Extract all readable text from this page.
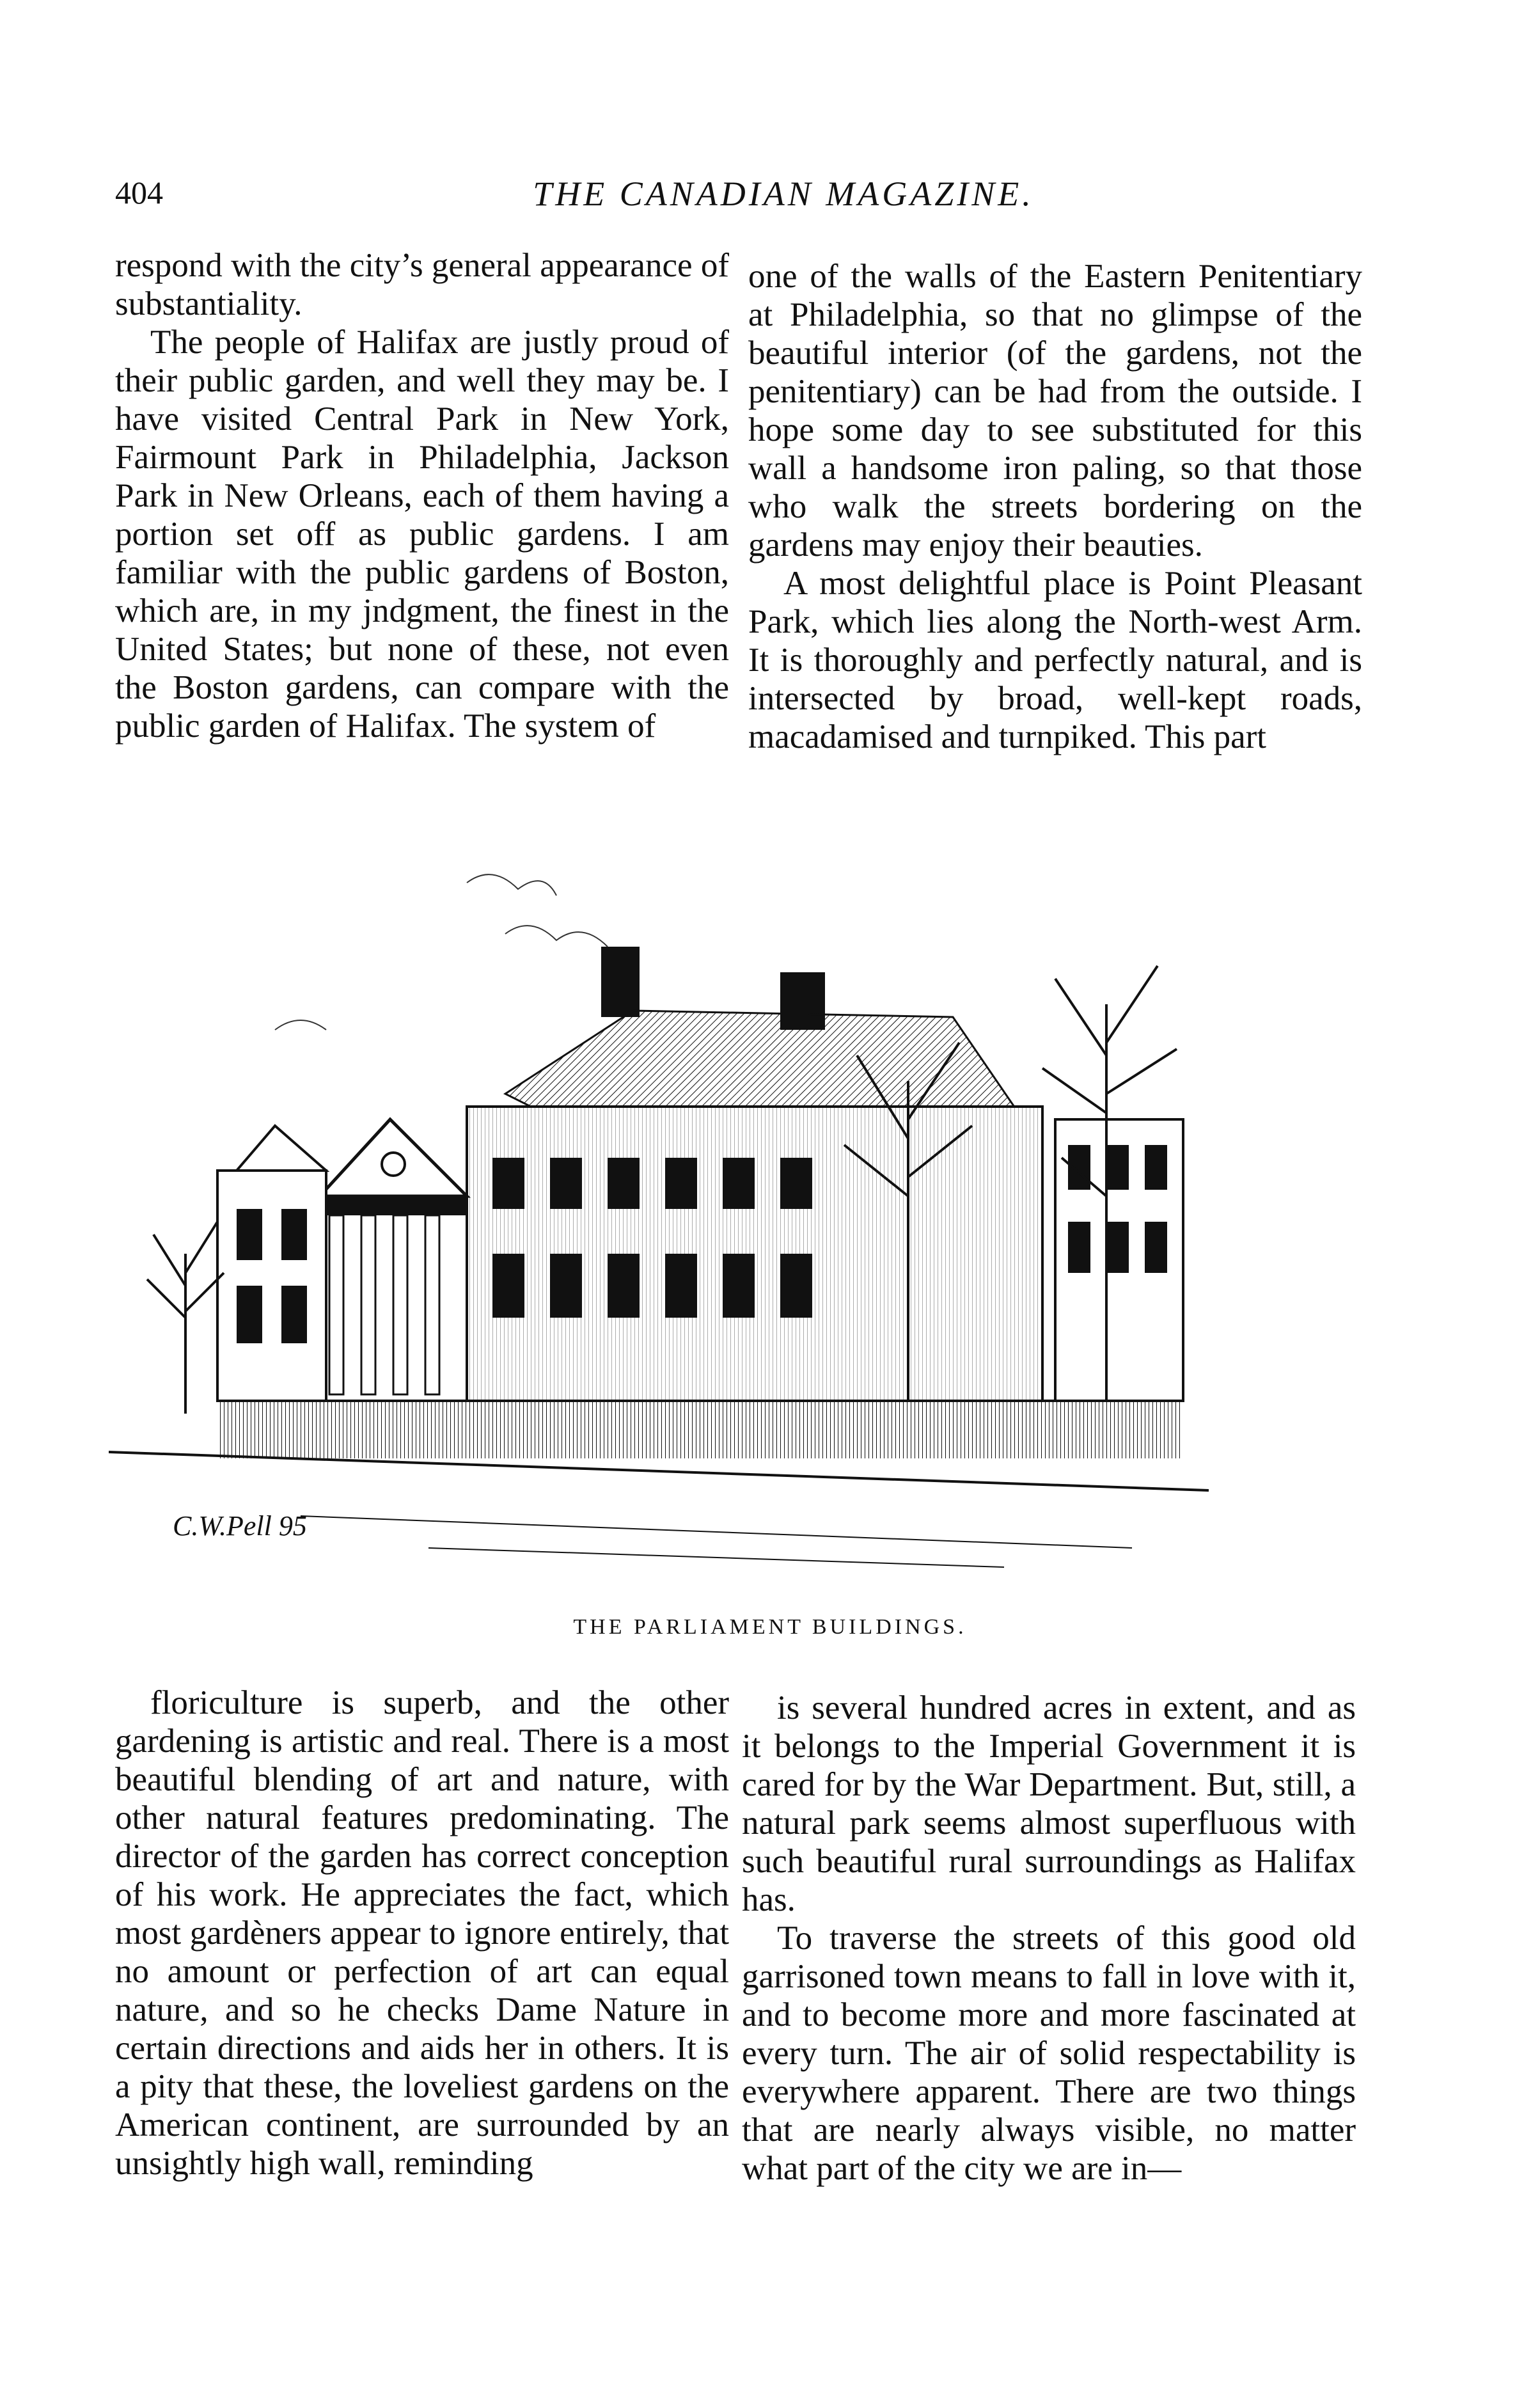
404	THE CANADIAN MAGAZINE.

respond with the city’s general appearance of substantiality.

The people of Halifax are justly proud of their public garden, and well they may be. I have visited Central Park in New York, Fairmount Park in Philadelphia, Jackson Park in New Orleans, each of them having a portion set off as public gardens. I am familiar with the public gardens of Boston, which are, in my jndgment, the finest in the United States; but none of these, not even the Boston gardens, can compare with the public garden of Halifax. The system of

one of the walls of the Eastern Penitentiary at Philadelphia, so that no glimpse of the beautiful interior (of the gardens, not the penitentiary) can be had from the outside. I hope some day to see substituted for this wall a handsome iron paling, so that those who walk the streets bordering on the gardens may enjoy their beauties.

A most delightful place is Point Pleasant Park, which lies along the North-west Arm. It is thoroughly and perfectly natural, and is intersected by broad, well-kept roads, macadamised and turnpiked. This part

C.W.Pell 95
THE PARLIAMENT BUILDINGS.

floriculture is superb, and the other gardening is artistic and real. There is a most beautiful blending of art and nature, with other natural features predominating. The director of the garden has correct conception of his work. He appreciates the fact, which most gardèners appear to ignore entirely, that no amount or perfection of art can equal nature, and so he checks Dame Nature in certain directions and aids her in others. It is a pity that these, the loveliest gardens on the American continent, are surrounded by an unsightly high wall, reminding

is several hundred acres in extent, and as it belongs to the Imperial Government it is cared for by the War Department. But, still, a natural park seems almost superfluous with such beautiful rural surroundings as Halifax has.

To traverse the streets of this good old garrisoned town means to fall in love with it, and to become more and more fascinated at every turn. The air of solid respectability is everywhere apparent. There are two things that are nearly always visible, no matter what part of the city we are in—
